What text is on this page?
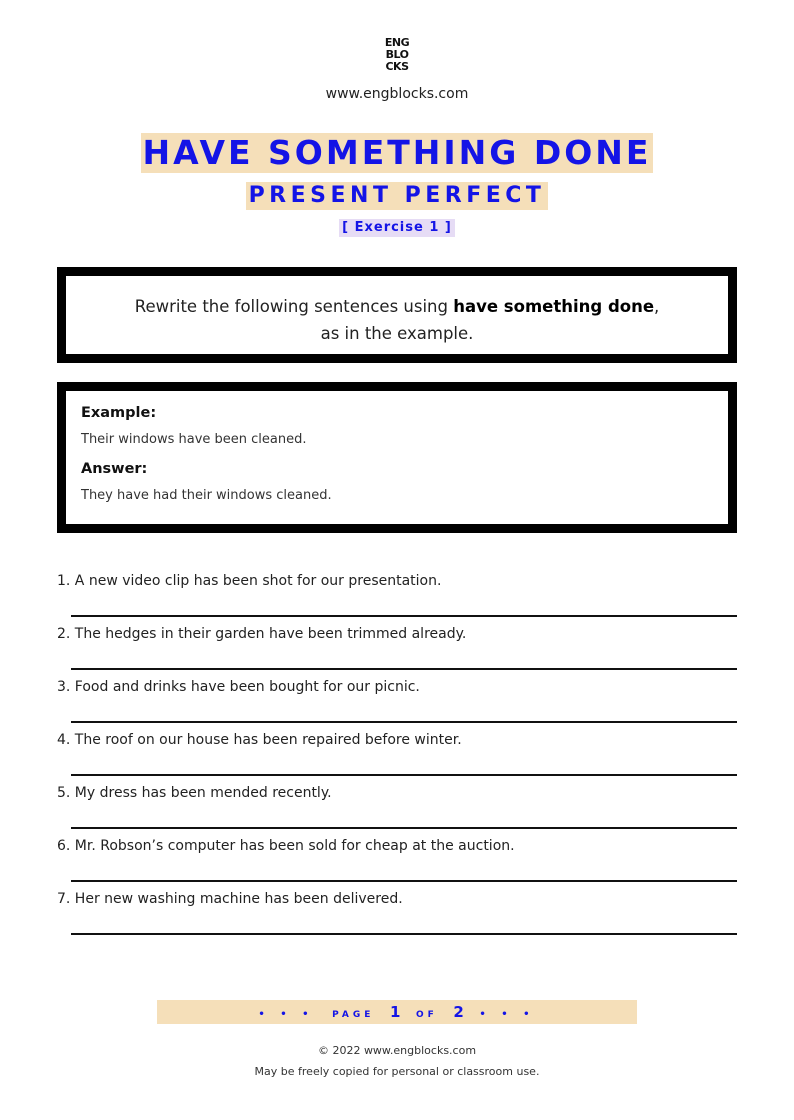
ENG
BLO
CKS
www.engblocks.com
HAVE SOMETHING DONE
PRESENT PERFECT
[ Exercise 1 ]
Rewrite the following sentences using have something done,
as in the example.

Example:

Their windows have been cleaned.

Answer:

They have had their windows cleaned.

1. A new video clip has been shot for our presentation.
2. The hedges in their garden have been trimmed already.
3. Food and drinks have been bought for our picnic.
4. The roof on our house has been repaired before winter.
5. My dress has been mended recently.
6. Mr. Robson’s computer has been sold for cheap at the auction.
7. Her new washing machine has been delivered.
• • • PAGE 1 OF 2 • • •
© 2022 www.engblocks.com
May be freely copied for personal or classroom use.
